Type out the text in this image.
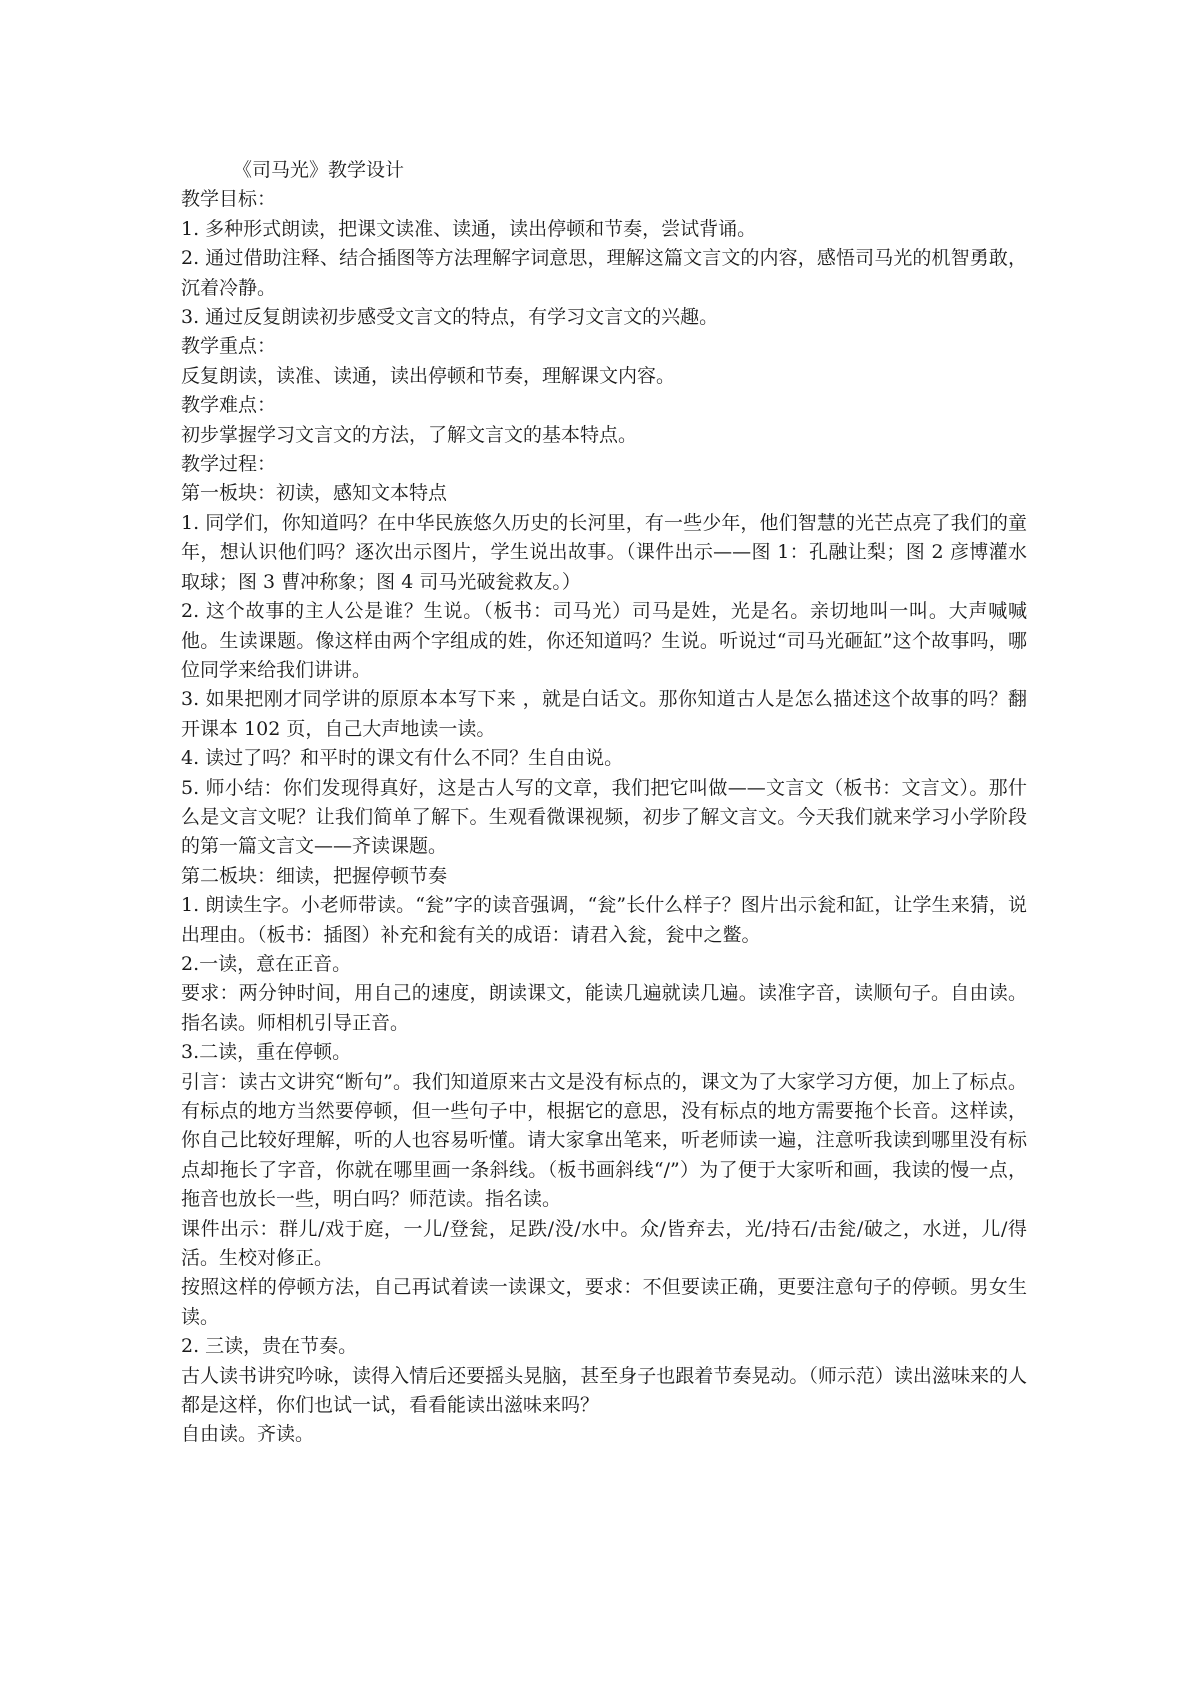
《司马光》教学设计

教学目标：

1. 多种形式朗读，把课文读准、读通，读出停顿和节奏，尝试背诵。

2. 通过借助注释、结合插图等方法理解字词意思，理解这篇文言文的内容，感悟司马光的机智勇敢，沉着冷静。

3. 通过反复朗读初步感受文言文的特点，有学习文言文的兴趣。

教学重点：

反复朗读，读准、读通，读出停顿和节奏，理解课文内容。

教学难点：

初步掌握学习文言文的方法，了解文言文的基本特点。

教学过程：

第一板块：初读，感知文本特点

1. 同学们，你知道吗？在中华民族悠久历史的长河里，有一些少年，他们智慧的光芒点亮了我们的童年，想认识他们吗？逐次出示图片，学生说出故事。（课件出示——图 1：孔融让梨；图 2 彦博灌水取球；图 3 曹冲称象；图 4 司马光破瓮救友。）

2. 这个故事的主人公是谁？生说。（板书：司马光）司马是姓，光是名。亲切地叫一叫。大声喊喊他。生读课题。像这样由两个字组成的姓，你还知道吗？生说。听说过“司马光砸缸”这个故事吗，哪位同学来给我们讲讲。

3. 如果把刚才同学讲的原原本本写下来 ，就是白话文。那你知道古人是怎么描述这个故事的吗？翻开课本 102 页，自己大声地读一读。

4. 读过了吗？和平时的课文有什么不同？生自由说。

5. 师小结：你们发现得真好，这是古人写的文章，我们把它叫做——文言文（板书：文言文）。那什么是文言文呢？让我们简单了解下。生观看微课视频，初步了解文言文。今天我们就来学习小学阶段的第一篇文言文——齐读课题。

第二板块：细读，把握停顿节奏

1. 朗读生字。小老师带读。“瓮”字的读音强调，“瓮”长什么样子？图片出示瓮和缸，让学生来猜，说出理由。（板书：插图）补充和瓮有关的成语：请君入瓮，瓮中之鳖。

2.一读，意在正音。

要求：两分钟时间，用自己的速度，朗读课文，能读几遍就读几遍。读准字音，读顺句子。自由读。指名读。师相机引导正音。

3.二读，重在停顿。

引言：读古文讲究“断句”。我们知道原来古文是没有标点的，课文为了大家学习方便，加上了标点。有标点的地方当然要停顿，但一些句子中，根据它的意思，没有标点的地方需要拖个长音。这样读，你自己比较好理解，听的人也容易听懂。请大家拿出笔来，听老师读一遍，注意听我读到哪里没有标点却拖长了字音，你就在哪里画一条斜线。（板书画斜线“/”）为了便于大家听和画，我读的慢一点，拖音也放长一些，明白吗？师范读。指名读。

课件出示：群儿/戏于庭，一儿/登瓮，足跌/没/水中。众/皆弃去，光/持石/击瓮/破之，水迸，儿/得活。生校对修正。

按照这样的停顿方法，自己再试着读一读课文，要求：不但要读正确，更要注意句子的停顿。男女生读。

2. 三读，贵在节奏。

古人读书讲究吟咏，读得入情后还要摇头晃脑，甚至身子也跟着节奏晃动。（师示范）读出滋味来的人都是这样，你们也试一试，看看能读出滋味来吗？

自由读。齐读。
